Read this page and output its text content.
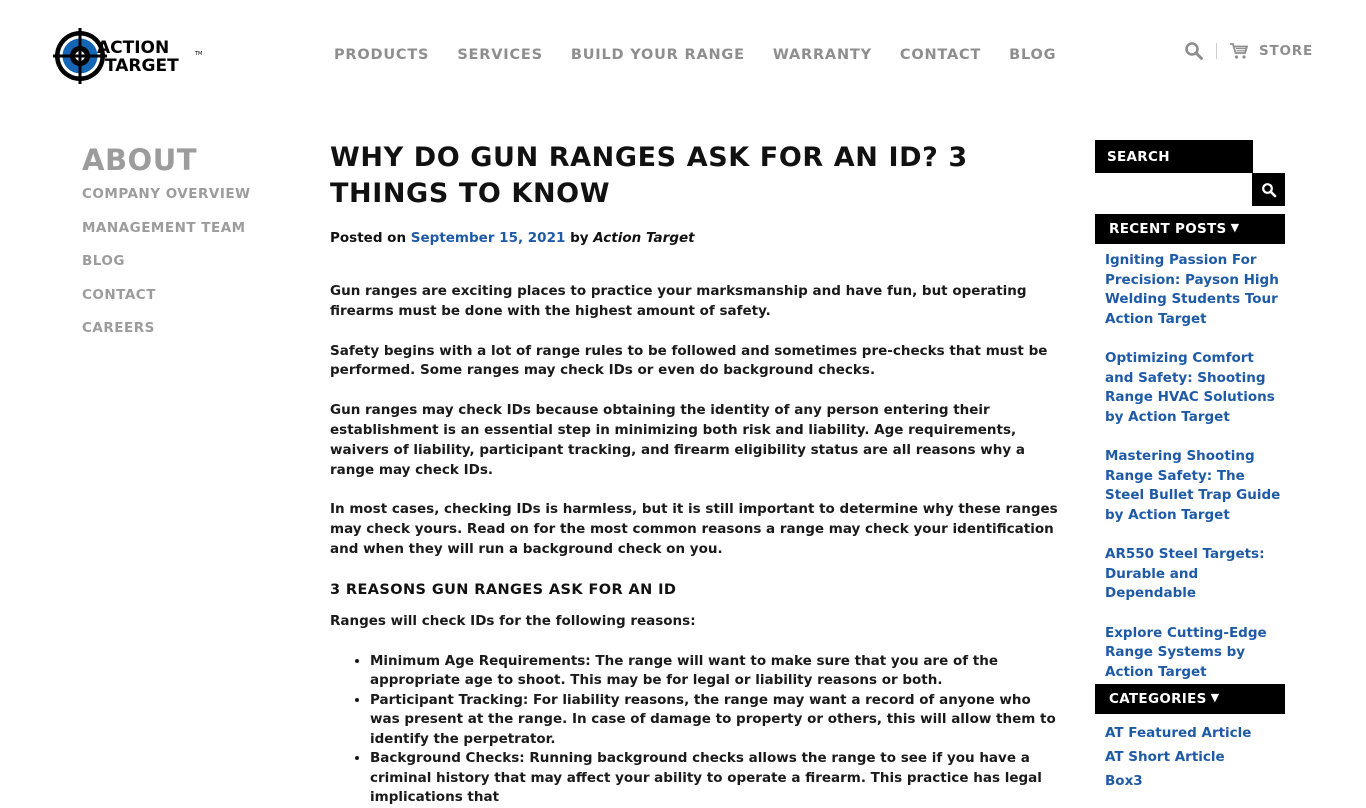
ACTION
TARGET
TM	PRODUCTS SERVICES BUILD YOUR RANGE WARRANTY CONTACT BLOG	STORE
ABOUT
COMPANY OVERVIEW
MANAGEMENT TEAM
BLOG
CONTACT
CAREERS
WHY DO GUN RANGES ASK FOR AN ID? 3 THINGS TO KNOW
Posted on September 15, 2021 by Action Target

Gun ranges are exciting places to practice your marksmanship and have fun, but operating firearms must be done with the highest amount of safety.

Safety begins with a lot of range rules to be followed and sometimes pre-checks that must be performed. Some ranges may check IDs or even do background checks.

Gun ranges may check IDs because obtaining the identity of any person entering their establishment is an essential step in minimizing both risk and liability. Age requirements, waivers of liability, participant tracking, and firearm eligibility status are all reasons why a range may check IDs.

In most cases, checking IDs is harmless, but it is still important to determine why these ranges may check yours. Read on for the most common reasons a range may check your identification and when they will run a background check on you.

3 REASONS GUN RANGES ASK FOR AN ID

Ranges will check IDs for the following reasons:

• Minimum Age Requirements: The range will want to make sure that you are of the appropriate age to shoot. This may be for legal or liability reasons or both.
• Participant Tracking: For liability reasons, the range may want a record of anyone who was present at the range. In case of damage to property or others, this will allow them to identify the perpetrator.
• Background Checks: Running background checks allows the range to see if you have a criminal history that may affect your ability to operate a firearm. This practice has legal implications that
SEARCH
RECENT POSTS ▼
Igniting Passion For Precision: Payson High Welding Students Tour Action Target
Optimizing Comfort and Safety: Shooting Range HVAC Solutions by Action Target
Mastering Shooting Range Safety: The Steel Bullet Trap Guide by Action Target
AR550 Steel Targets: Durable and Dependable
Explore Cutting-Edge Range Systems by Action Target
CATEGORIES ▼
AT Featured Article
AT Short Article
Box3
